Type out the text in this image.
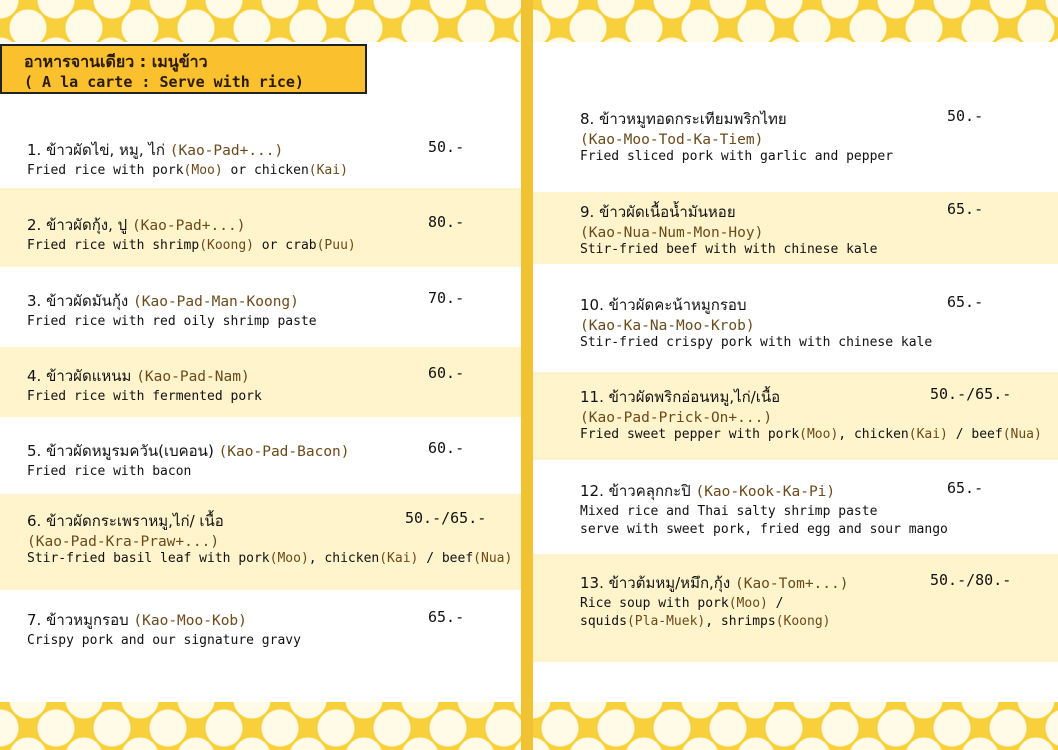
อาหารจานเดียว : เมนูข้าว
( A la carte : Serve with rice)
1. ข้าวผัดไข่, หมู, ไก่ (Kao-Pad+...)
Fried rice with pork(Moo) or chicken(Kai)
50.-
2. ข้าวผัดกุ้ง, ปู (Kao-Pad+...)
Fried rice with shrimp(Koong) or crab(Puu)
80.-
3. ข้าวผัดมันกุ้ง (Kao-Pad-Man-Koong)
Fried rice with red oily shrimp paste
70.-
4. ข้าวผัดแหนม (Kao-Pad-Nam)
Fried rice with fermented pork
60.-
5. ข้าวผัดหมูรมควัน(เบคอน) (Kao-Pad-Bacon)
Fried rice with bacon
60.-
6. ข้าวผัดกระเพราหมู,ไก่/ เนื้อ
(Kao-Pad-Kra-Praw+...)
Stir-fried basil leaf with pork(Moo), chicken(Kai) / beef(Nua)
50.-/65.-
7. ข้าวหมูกรอบ (Kao-Moo-Kob)
Crispy pork and our signature gravy
65.-
8. ข้าวหมูทอดกระเทียมพริกไทย
(Kao-Moo-Tod-Ka-Tiem)
Fried sliced pork with garlic and pepper
50.-
9. ข้าวผัดเนื้อน้ำมันหอย
(Kao-Nua-Num-Mon-Hoy)
Stir-fried beef with with chinese kale
65.-
10. ข้าวผัดคะน้าหมูกรอบ
(Kao-Ka-Na-Moo-Krob)
Stir-fried crispy pork with with chinese kale
65.-
11. ข้าวผัดพริกอ่อนหมู,ไก่/เนื้อ
(Kao-Pad-Prick-On+...)
Fried sweet pepper with pork(Moo), chicken(Kai) / beef(Nua)
50.-/65.-
12. ข้าวคลุกกะปิ (Kao-Kook-Ka-Pi)
Mixed rice and Thai salty shrimp paste
serve with sweet pork, fried egg and sour mango
65.-
13. ข้าวต้มหมู/หมึก,กุ้ง (Kao-Tom+...)
Rice soup with pork(Moo) /
squids(Pla-Muek), shrimps(Koong)
50.-/80.-
